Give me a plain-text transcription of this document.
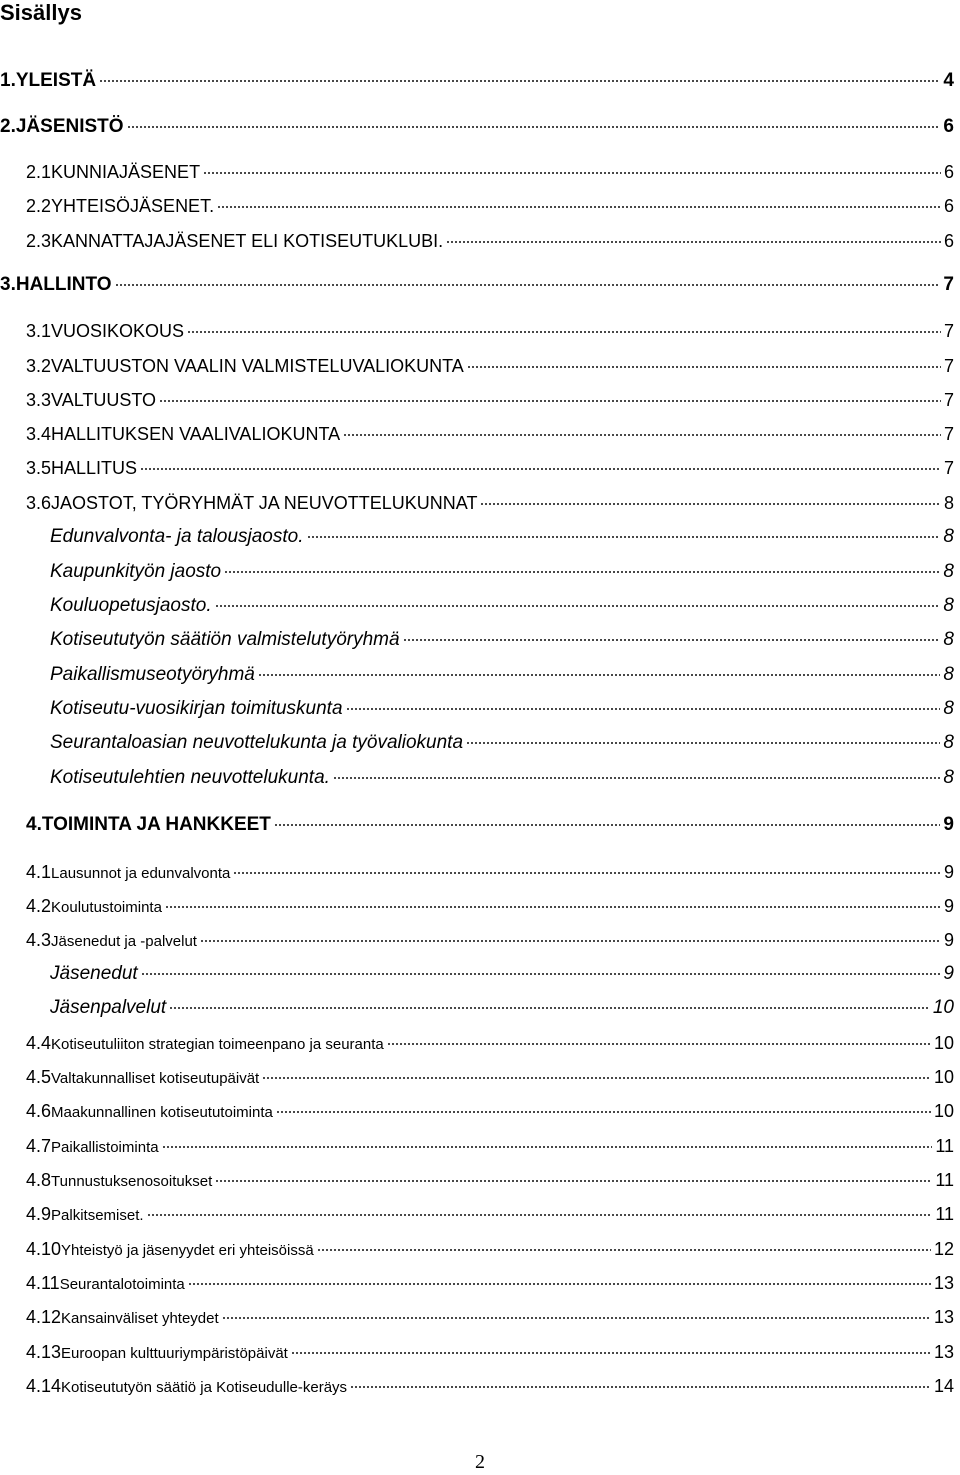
Sisällys
1. YLEISTÄ	4
2. JÄSENISTÖ	6
2.1 KUNNIAJÄSENET	6
2.2 YHTEISÖJÄSENET.	6
2.3 KANNATTAJAJÄSENET ELI KOTISEUTUKLUBI.	6
3. HALLINTO	7
3.1 VUOSIKOKOUS	7
3.2 VALTUUSTON VAALIN VALMISTELUVALIOKUNTA	7
3.3 VALTUUSTO	7
3.4 HALLITUKSEN VAALIVALIOKUNTA	7
3.5 HALLITUS	7
3.6 JAOSTOT, TYÖRYHMÄT JA NEUVOTTELUKUNNAT	8
Edunvalvonta- ja talousjaosto.	8
Kaupunkityön jaosto	8
Kouluopetusjaosto.	8
Kotiseututyön säätiön valmistelutyöryhmä	8
Paikallismuseotyöryhmä	8
Kotiseutu-vuosikirjan toimituskunta	8
Seurantaloasian neuvottelukunta ja työvaliokunta	8
Kotiseutulehtien neuvottelukunta.	8
4. TOIMINTA JA HANKKEET	9
4.1 Lausunnot ja edunvalvonta	9
4.2 Koulutustoiminta	9
4.3 Jäsenedut ja -palvelut	9
Jäsenedut	9
Jäsenpalvelut	10
4.4 Kotiseutuliiton strategian toimeenpano ja seuranta	10
4.5 Valtakunnalliset kotiseutupäivät	10
4.6 Maakunnallinen kotiseututoiminta	10
4.7 Paikallistoiminta	11
4.8 Tunnustuksenosoitukset	11
4.9 Palkitsemiset.	11
4.10 Yhteistyö ja jäsenyydet eri yhteisöissä	12
4.11 Seurantalotoiminta	13
4.12 Kansainväliset yhteydet	13
4.13 Euroopan kulttuuriympäristöpäivät	13
4.14 Kotiseututyön säätiö ja Kotiseudulle-keräys	14
2
